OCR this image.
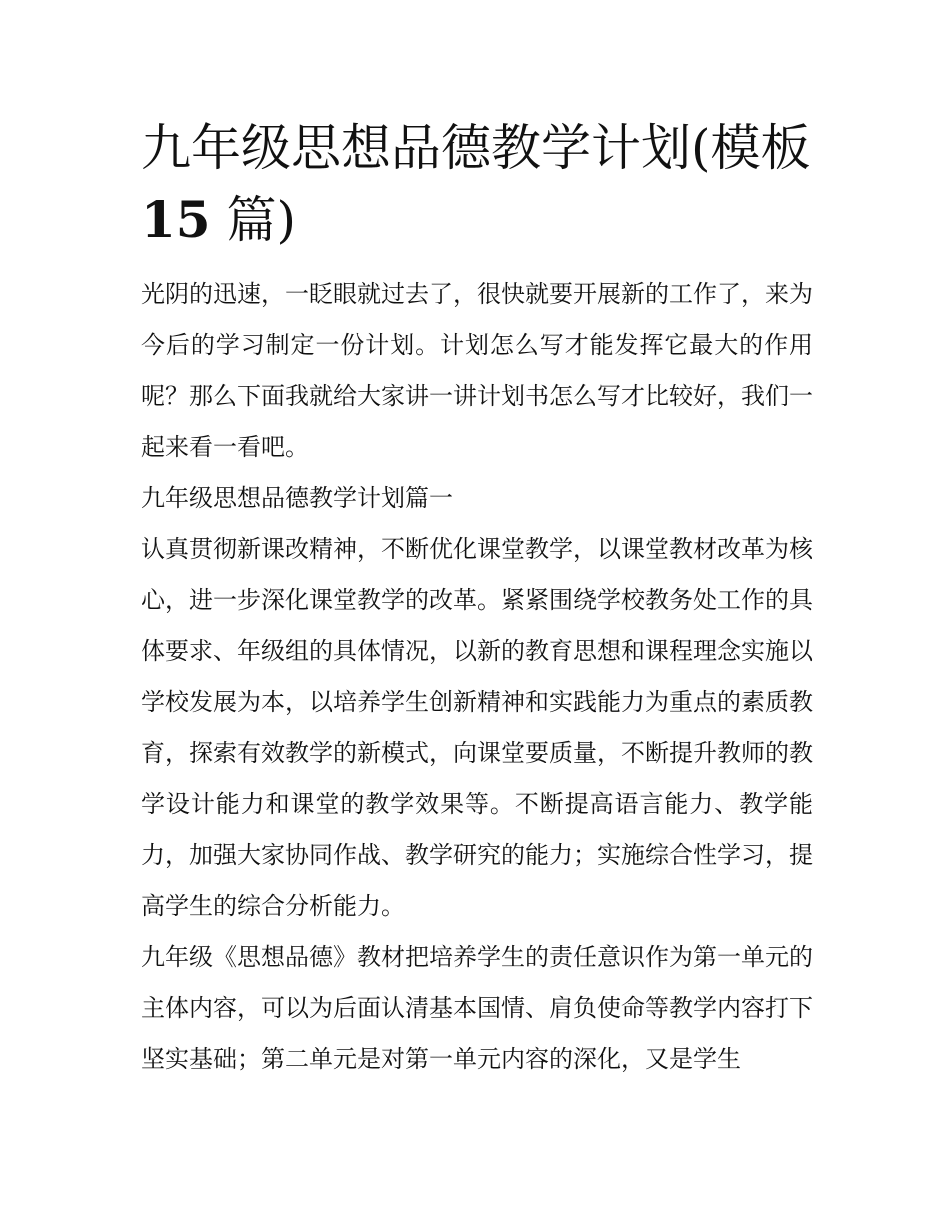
九年级思想品德教学计划(模板
15 篇)

光阴的迅速，一眨眼就过去了，很快就要开展新的工作了，来为今后的学习制定一份计划。计划怎么写才能发挥它最大的作用呢？那么下面我就给大家讲一讲计划书怎么写才比较好，我们一起来看一看吧。

九年级思想品德教学计划篇一

认真贯彻新课改精神，不断优化课堂教学，以课堂教材改革为核心，进一步深化课堂教学的改革。紧紧围绕学校教务处工作的具体要求、年级组的具体情况，以新的教育思想和课程理念实施以学校发展为本，以培养学生创新精神和实践能力为重点的素质教育，探索有效教学的新模式，向课堂要质量，不断提升教师的教学设计能力和课堂的教学效果等。不断提高语言能力、教学能力，加强大家协同作战、教学研究的能力；实施综合性学习，提高学生的综合分析能力。

九年级《思想品德》教材把培养学生的责任意识作为第一单元的主体内容，可以为后面认清基本国情、肩负使命等教学内容打下坚实基础；第二单元是对第一单元内容的深化，又是学生
